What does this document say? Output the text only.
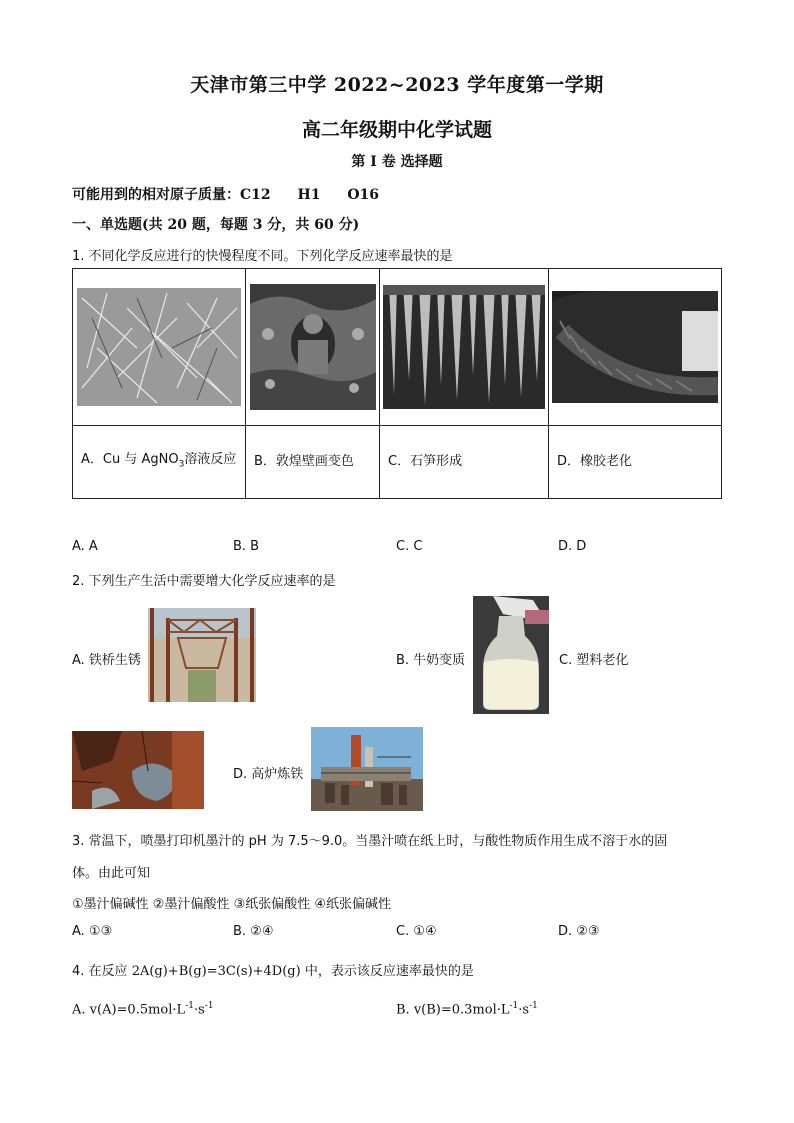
天津市第三中学 2022~2023 学年度第一学期
高二年级期中化学试题
第 I 卷 选择题
可能用到的相对原子质量：C12 H1 O16
一、单选题(共 20 题，每题 3 分，共 60 分)
1. 不同化学反应进行的快慢程度不同。下列化学反应速率最快的是

A．Cu 与 AgNO$_3$溶液反应	B．敦煌壁画变色	C．石笋形成	D．橡胶老化
A. A	B. B	C. C	D. D
2. 下列生产生活中需要增大化学反应速率的是
A. 铁桥生锈	B. 牛奶变质	C. 塑料老化
D. 高炉炼铁
3. 常温下，喷墨打印机墨汁的 pH 为 7.5～9.0。当墨汁喷在纸上时，与酸性物质作用生成不溶于水的固
体。由此可知
①墨汁偏碱性 ②墨汁偏酸性 ③纸张偏酸性 ④纸张偏碱性
A. ①③	B. ②④	C. ①④	D. ②③
4. 在反应 2A(g)+B(g)=3C(s)+4D(g) 中，表示该反应速率最快的是
A. $v(A)=0.5mol\cdot L^{-1}\cdot s^{-1}$	B. $v(B)=0.3mol\cdot L^{-1}\cdot s^{-1}$
